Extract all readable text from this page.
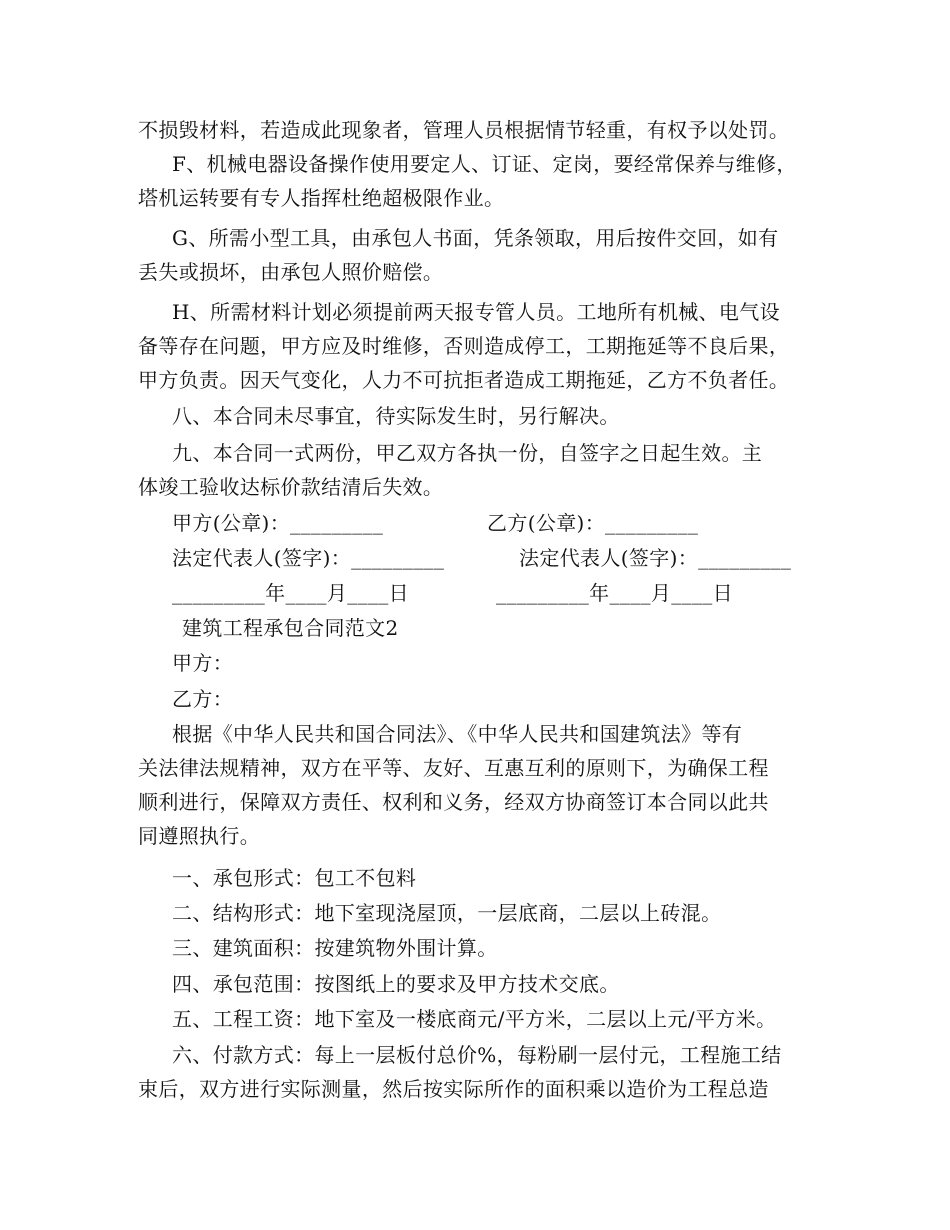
不损毁材料，若造成此现象者，管理人员根据情节轻重，有权予以处罚。
F、机械电器设备操作使用要定人、订证、定岗，要经常保养与维修，
塔机运转要有专人指挥杜绝超极限作业。
G、所需小型工具，由承包人书面，凭条领取，用后按件交回，如有
丢失或损坏，由承包人照价赔偿。
H、所需材料计划必须提前两天报专管人员。工地所有机械、电气设
备等存在问题，甲方应及时维修，否则造成停工，工期拖延等不良后果，
甲方负责。因天气变化，人力不可抗拒者造成工期拖延，乙方不负者任。
八、本合同未尽事宜，待实际发生时，另行解决。
九、本合同一式两份，甲乙双方各执一份，自签字之日起生效。主
体竣工验收达标价款结清后失效。
甲方(公章)：_________	乙方(公章)：_________
法定代表人(签字)：_________	法定代表人(签字)：_________
_________年____月____日	_________年____月____日
建筑工程承包合同范文2
甲方：
乙方：
根据《中华人民共和国合同法》、《中华人民共和国建筑法》等有
关法律法规精神，双方在平等、友好、互惠互利的原则下，为确保工程
顺利进行，保障双方责任、权利和义务，经双方协商签订本合同以此共
同遵照执行。
一、承包形式：包工不包料
二、结构形式：地下室现浇屋顶，一层底商，二层以上砖混。
三、建筑面积：按建筑物外围计算。
四、承包范围：按图纸上的要求及甲方技术交底。
五、工程工资：地下室及一楼底商元/平方米，二层以上元/平方米。
六、付款方式：每上一层板付总价%，每粉刷一层付元，工程施工结
束后，双方进行实际测量，然后按实际所作的面积乘以造价为工程总造
